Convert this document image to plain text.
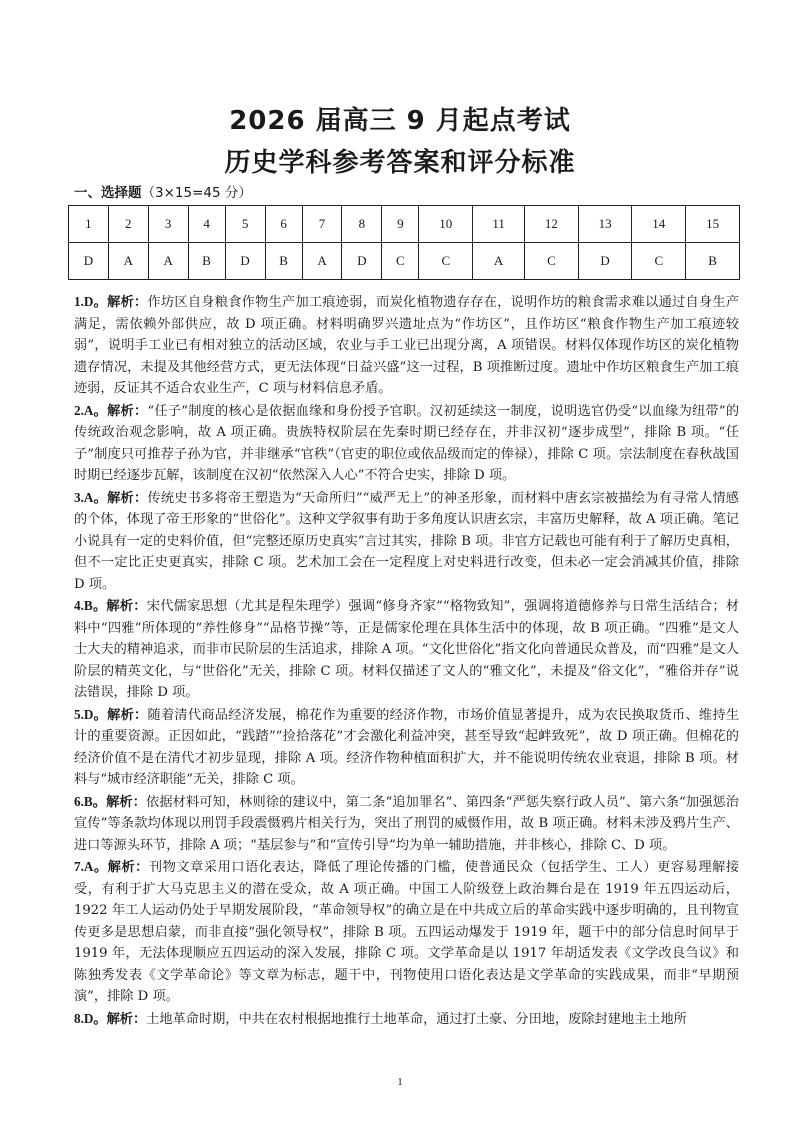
2026 届高三 9 月起点考试
历史学科参考答案和评分标准
一、选择题（3×15=45 分）
1	2	3	4	5	6	7	8	9	10	11	12	13	14	15
D	A	A	B	D	B	A	D	C	C	A	C	D	C	B

1.D。解析：作坊区自身粮食作物生产加工痕迹弱，而炭化植物遗存存在，说明作坊的粮食需求难以通过自身生产满足，需依赖外部供应，故 D 项正确。材料明确罗兴遗址点为“作坊区”，且作坊区“粮食作物生产加工痕迹较弱”，说明手工业已有相对独立的活动区域，农业与手工业已出现分离，A 项错误。材料仅体现作坊区的炭化植物遗存情况，未提及其他经营方式，更无法体现“日益兴盛”这一过程，B 项推断过度。遗址中作坊区粮食生产加工痕迹弱，反证其不适合农业生产，C 项与材料信息矛盾。

2.A。解析：“任子”制度的核心是依据血缘和身份授予官职。汉初延续这一制度，说明选官仍受“以血缘为纽带”的传统政治观念影响，故 A 项正确。贵族特权阶层在先秦时期已经存在，并非汉初“逐步成型”，排除 B 项。“任子”制度只可推荐子孙为官，并非继承“官秩”（官吏的职位或依品级而定的俸禄），排除 C 项。宗法制度在春秋战国时期已经逐步瓦解，该制度在汉初“依然深入人心”不符合史实，排除 D 项。

3.A。解析：传统史书多将帝王塑造为“天命所归”“威严无上”的神圣形象，而材料中唐玄宗被描绘为有寻常人情感的个体，体现了帝王形象的“世俗化”。这种文学叙事有助于多角度认识唐玄宗，丰富历史解释，故 A 项正确。笔记小说具有一定的史料价值，但“完整还原历史真实”言过其实，排除 B 项。非官方记载也可能有利于了解历史真相，但不一定比正史更真实，排除 C 项。艺术加工会在一定程度上对史料进行改变，但未必一定会消减其价值，排除 D 项。

4.B。解析：宋代儒家思想（尤其是程朱理学）强调“修身齐家”“格物致知”，强调将道德修养与日常生活结合；材料中“四雅”所体现的“养性修身”“品格节操”等，正是儒家伦理在具体生活中的体现，故 B 项正确。“四雅”是文人士大夫的精神追求，而非市民阶层的生活追求，排除 A 项。“文化世俗化”指文化向普通民众普及，而“四雅”是文人阶层的精英文化，与“世俗化”无关，排除 C 项。材料仅描述了文人的“雅文化”，未提及“俗文化”，“雅俗并存”说法错误，排除 D 项。

5.D。解析：随着清代商品经济发展，棉花作为重要的经济作物，市场价值显著提升，成为农民换取货币、维持生计的重要资源。正因如此，“践踏”“捡拾落花”才会激化利益冲突，甚至导致“起衅致死”，故 D 项正确。但棉花的经济价值不是在清代才初步显现，排除 A 项。经济作物种植面积扩大，并不能说明传统农业衰退，排除 B 项。材料与“城市经济职能”无关，排除 C 项。

6.B。解析：依据材料可知，林则徐的建议中，第二条“追加罪名”、第四条“严惩失察行政人员”、第六条“加强惩治宣传”等条款均体现以刑罚手段震慑鸦片相关行为，突出了刑罚的威慑作用，故 B 项正确。材料未涉及鸦片生产、进口等源头环节，排除 A 项；“基层参与”和“宣传引导”均为单一辅助措施，并非核心，排除 C、D 项。

7.A。解析：刊物文章采用口语化表达，降低了理论传播的门槛，使普通民众（包括学生、工人）更容易理解接受，有利于扩大马克思主义的潜在受众，故 A 项正确。中国工人阶级登上政治舞台是在 1919 年五四运动后，1922 年工人运动仍处于早期发展阶段，“革命领导权”的确立是在中共成立后的革命实践中逐步明确的，且刊物宣传更多是思想启蒙，而非直接“强化领导权”，排除 B 项。五四运动爆发于 1919 年，题干中的部分信息时间早于 1919 年，无法体现顺应五四运动的深入发展，排除 C 项。文学革命是以 1917 年胡适发表《文学改良刍议》和陈独秀发表《文学革命论》等文章为标志，题干中，刊物使用口语化表达是文学革命的实践成果，而非“早期预演”，排除 D 项。

8.D。解析：土地革命时期，中共在农村根据地推行土地革命，通过打土豪、分田地，废除封建地主土地所

1
